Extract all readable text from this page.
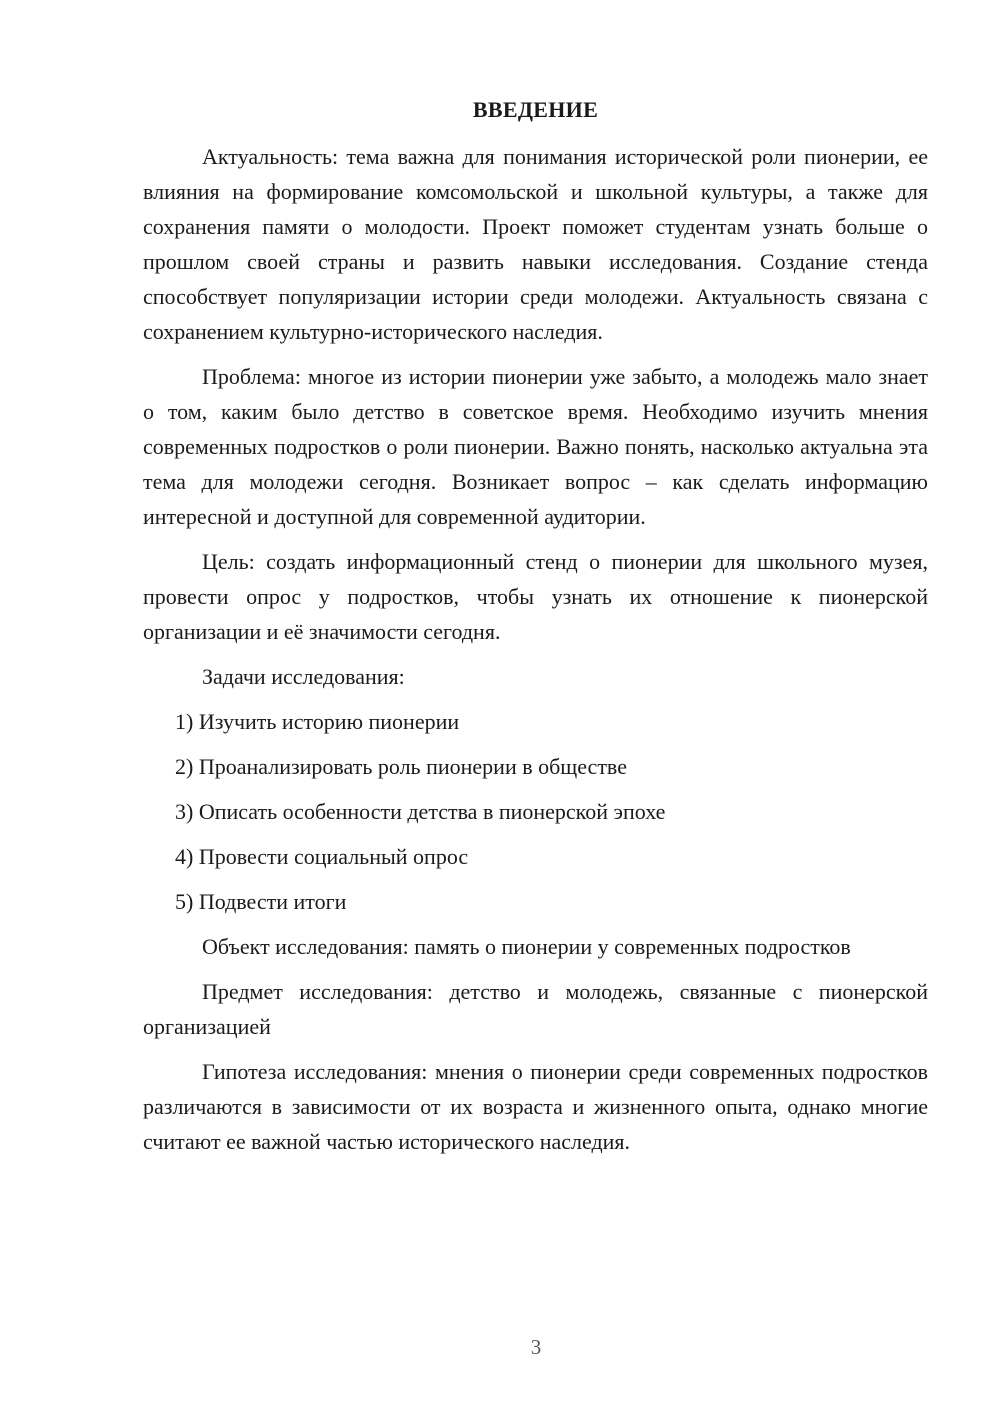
ВВЕДЕНИЕ

Актуальность: тема важна для понимания исторической роли пионерии, ее влияния на формирование комсомольской и школьной культуры, а также для сохранения памяти о молодости. Проект поможет студентам узнать больше о прошлом своей страны и развить навыки исследования. Создание стенда способствует популяризации истории среди молодежи. Актуальность связана с сохранением культурно-исторического наследия.

Проблема: многое из истории пионерии уже забыто, а молодежь мало знает о том, каким было детство в советское время. Необходимо изучить мнения современных подростков о роли пионерии. Важно понять, насколько актуальна эта тема для молодежи сегодня. Возникает вопрос – как сделать информацию интересной и доступной для современной аудитории.

Цель: создать информационный стенд о пионерии для школьного музея, провести опрос у подростков, чтобы узнать их отношение к пионерской организации и её значимости сегодня.

Задачи исследования:

1) Изучить историю пионерии
2) Проанализировать роль пионерии в обществе
3) Описать особенности детства в пионерской эпохе
4) Провести социальный опрос
5) Подвести итоги

Объект исследования: память о пионерии у современных подростков

Предмет исследования: детство и молодежь, связанные с пионерской организацией

Гипотеза исследования: мнения о пионерии среди современных подростков различаются в зависимости от их возраста и жизненного опыта, однако многие считают ее важной частью исторического наследия.

3
